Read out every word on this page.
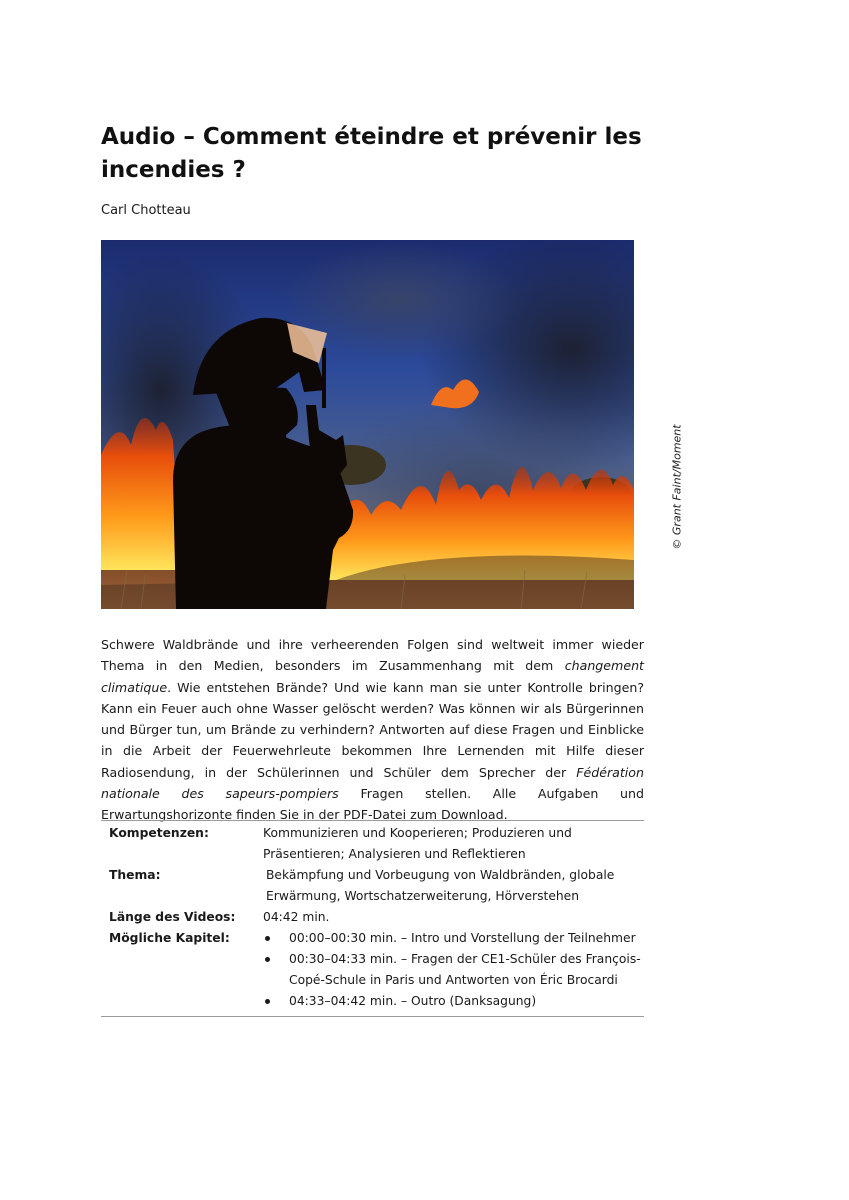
Audio – Comment éteindre et prévenir les incendies ?
Carl Chotteau
© Grant Faint/Moment

Schwere Waldbrände und ihre verheerenden Folgen sind weltweit immer wieder Thema in den Medien, besonders im Zusammenhang mit dem changement climatique. Wie entstehen Brände? Und wie kann man sie unter Kontrolle bringen? Kann ein Feuer auch ohne Wasser gelöscht werden? Was können wir als Bürgerinnen und Bürger tun, um Brände zu verhindern? Antworten auf diese Fragen und Einblicke in die Arbeit der Feuerwehrleute bekommen Ihre Lernenden mit Hilfe dieser Radiosendung, in der Schülerinnen und Schüler dem Sprecher der Fédération nationale des sapeurs-pompiers Fragen stellen. Alle Aufgaben und Erwartungshorizonte finden Sie in der PDF-Datei zum Download.

Kompetenzen:	Kommunizieren und Kooperieren; Produzieren und Präsentieren; Analysieren und Reflektieren
Thema:	Bekämpfung und Vorbeugung von Waldbränden, globale Erwärmung, Wortschatzerweiterung, Hörverstehen
Länge des Videos:	04:42 min.
Mögliche Kapitel:	00:00–00:30 min. – Intro und Vorstellung der Teilnehmer
00:30–04:33 min. – Fragen der CE1-Schüler des François-Copé-Schule in Paris und Antworten von Éric Brocardi
04:33–04:42 min. – Outro (Danksagung)
